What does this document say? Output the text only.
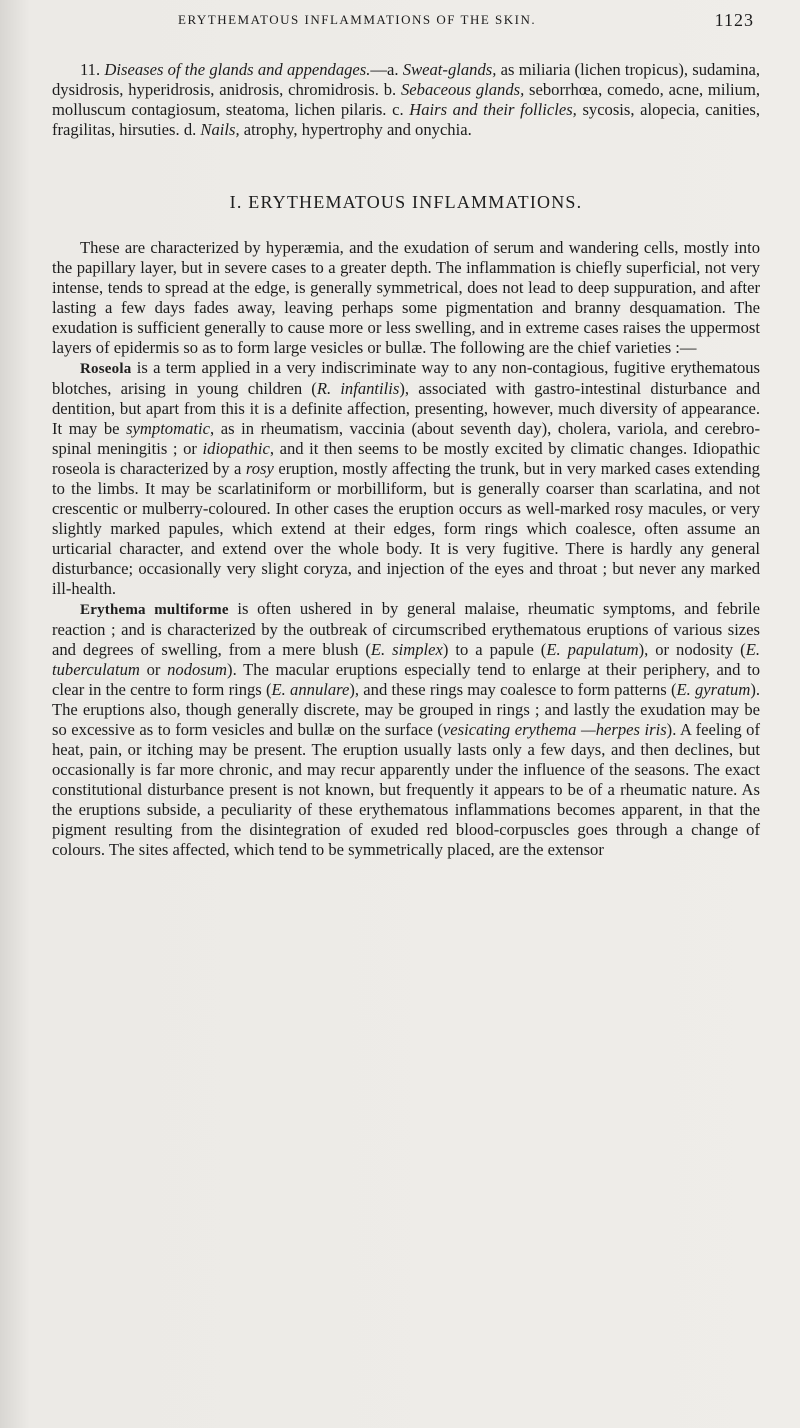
ERYTHEMATOUS INFLAMMATIONS OF THE SKIN.	1123

11. Diseases of the glands and appendages.—a. Sweat-glands, as miliaria (lichen tropicus), sudamina, dysidrosis, hyperidrosis, anidrosis, chromidrosis. b. Sebaceous glands, seborrhœa, comedo, acne, milium, molluscum contagiosum, steatoma, lichen pilaris. c. Hairs and their follicles, sycosis, alopecia, canities, fragilitas, hirsuties. d. Nails, atrophy, hypertrophy and onychia.

I. ERYTHEMATOUS INFLAMMATIONS.

These are characterized by hyperæmia, and the exudation of serum and wandering cells, mostly into the papillary layer, but in severe cases to a greater depth. The inflammation is chiefly superficial, not very intense, tends to spread at the edge, is generally symmetrical, does not lead to deep suppuration, and after lasting a few days fades away, leaving perhaps some pigmentation and branny desquamation. The exudation is sufficient generally to cause more or less swelling, and in extreme cases raises the uppermost layers of epidermis so as to form large vesicles or bullæ. The following are the chief varieties :—

Roseola is a term applied in a very indiscriminate way to any non-contagious, fugitive erythematous blotches, arising in young children (R. infantilis), associated with gastro-intestinal disturbance and dentition, but apart from this it is a definite affection, presenting, however, much diversity of appearance. It may be symptomatic, as in rheumatism, vaccinia (about seventh day), cholera, variola, and cerebro-spinal meningitis ; or idiopathic, and it then seems to be mostly excited by climatic changes. Idiopathic roseola is characterized by a rosy eruption, mostly affecting the trunk, but in very marked cases extending to the limbs. It may be scarlatiniform or morbilliform, but is generally coarser than scarlatina, and not crescentic or mulberry-coloured. In other cases the eruption occurs as well-marked rosy macules, or very slightly marked papules, which extend at their edges, form rings which coalesce, often assume an urticarial character, and extend over the whole body. It is very fugitive. There is hardly any general disturbance; occasionally very slight coryza, and injection of the eyes and throat ; but never any marked ill-health.

Erythema multiforme is often ushered in by general malaise, rheumatic symptoms, and febrile reaction ; and is characterized by the outbreak of circumscribed erythematous eruptions of various sizes and degrees of swelling, from a mere blush (E. simplex) to a papule (E. papulatum), or nodosity (E. tuberculatum or nodosum). The macular eruptions especially tend to enlarge at their periphery, and to clear in the centre to form rings (E. annulare), and these rings may coalesce to form patterns (E. gyratum). The eruptions also, though generally discrete, may be grouped in rings ; and lastly the exudation may be so excessive as to form vesicles and bullæ on the surface (vesicating erythema —herpes iris). A feeling of heat, pain, or itching may be present. The eruption usually lasts only a few days, and then declines, but occasionally is far more chronic, and may recur apparently under the influence of the seasons. The exact constitutional disturbance present is not known, but frequently it appears to be of a rheumatic nature. As the eruptions subside, a peculiarity of these erythematous inflammations becomes apparent, in that the pigment resulting from the disintegration of exuded red blood-corpuscles goes through a change of colours. The sites affected, which tend to be symmetrically placed, are the extensor
